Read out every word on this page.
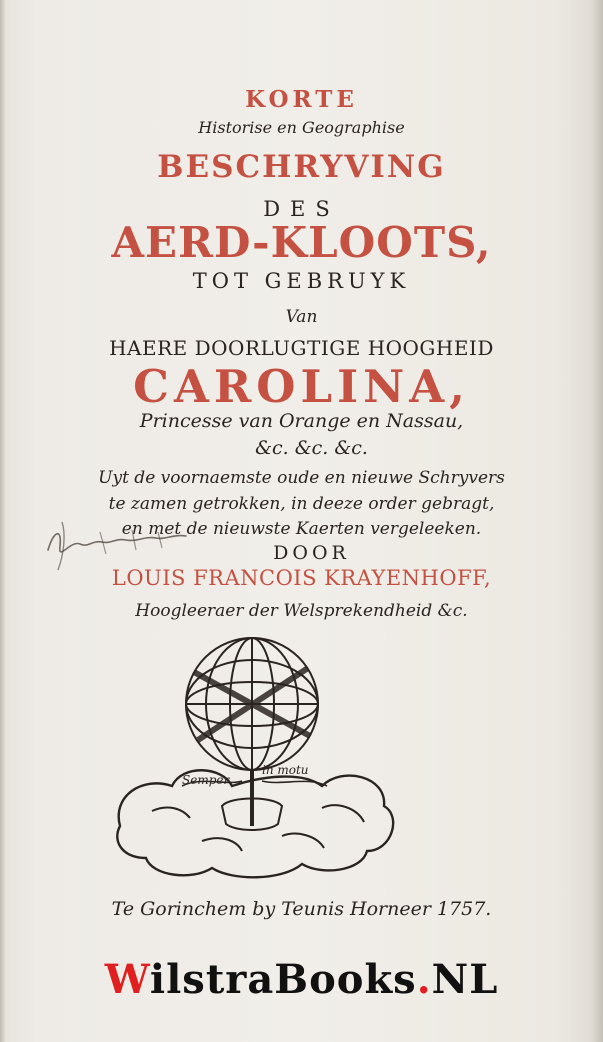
KORTE
Historise en Geographise
BESCHRYVING
DES
AERD-KLOOTS,
TOT GEBRUYK
Van
HAERE DOORLUGTIGE HOOGHEID
CAROLINA,
Princesse van Orange en Nassau,
&c. &c. &c.
Uyt de voornaemste oude en nieuwe Schryvers
te zamen getrokken, in deeze order gebragt,
en met de nieuwste Kaerten vergeleeken.
DOOR
LOUIS FRANCOIS KRAYENHOFF,
Hoogleeraer der Welsprekendheid &c.
Semper
in motu
Te Gorinchem by Teunis Horneer 1757.
WilstraBooks.NL
